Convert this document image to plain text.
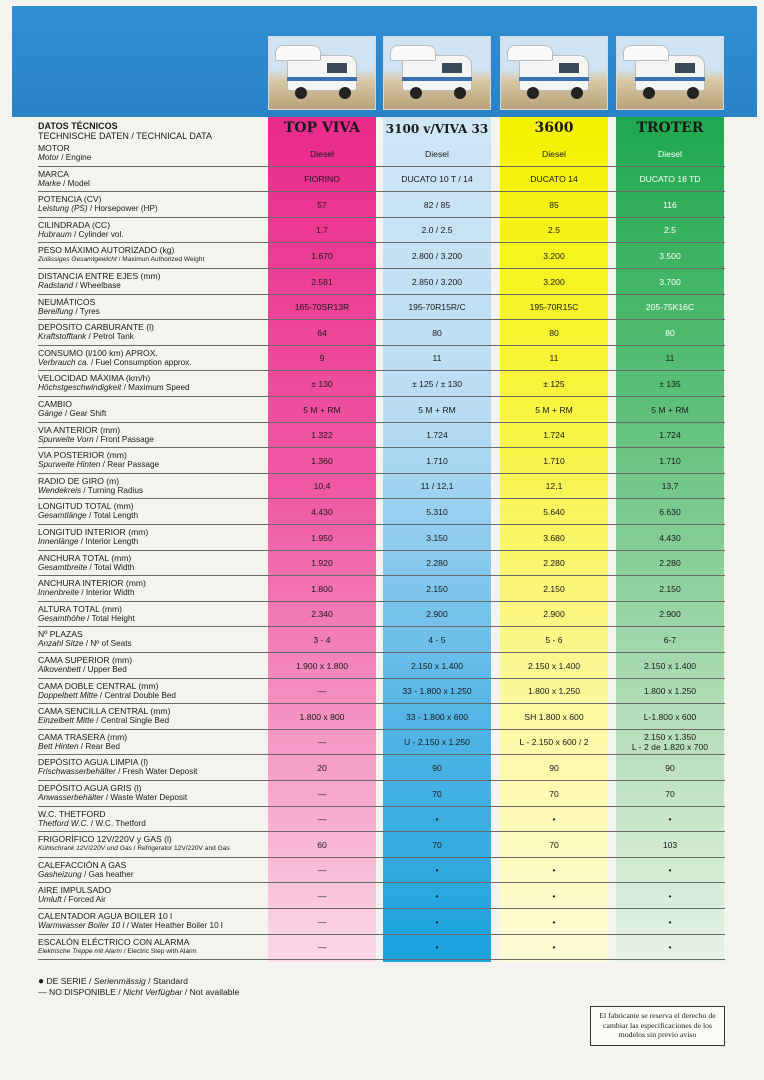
DATOS TÉCNICOS
TECHNISCHE DATEN / TECHNICAL DATA	TOP VIVA	3100 v/VIVA 33	3600	TROTER
MOTOR
Motor / Engine	Diesel	Diesel	Diesel	Diesel
MARCA
Marke / Model	FIORINO	DUCATO 10 T / 14	DUCATO 14	DUCATO 18 TD
POTENCIA (CV)
Leistung (PS) / Horsepower (HP)	57	82 / 85	85	116
CILINDRADA (CC)
Hubraum / Cylinder vol.	1.7	2.0 / 2.5	2.5	2.5
PESO MÁXIMO AUTORIZADO (kg)
Zulässiges Gesamtgewicht / Maximun Authorized Weight	1.670	2.800 / 3.200	3.200	3.500
DISTANCIA ENTRE EJES (mm)
Radstand / Wheelbase	2.581	2.850 / 3.200	3.200	3.700
NEUMÁTICOS
Bereifung / Tyres	165-70SR13R	195-70R15R/C	195-70R15C	205-75K16C
DEPÓSITO CARBURANTE (l)
Kraftstofftank / Petrol Tank	64	80	80	80
CONSUMO (l/100 km) APROX.
Verbrauch ca. / Fuel Consumption approx.	9	11	11	11
VELOCIDAD MÁXIMA (km/h)
Höchstgeschwindigkeit / Maximum Speed	± 130	± 125 / ± 130	± 125	± 135
CAMBIO
Gänge / Gear Shift	5 M + RM	5 M + RM	5 M + RM	5 M + RM
VIA ANTERIOR (mm)
Spurweite Vorn / Front Passage	1.322	1.724	1.724	1.724
VIA POSTERIOR (mm)
Spurweite Hinten / Rear Passage	1.360	1.710	1.710	1.710
RADIO DE GIRO (m)
Wendekreis / Turning Radius	10,4	11 / 12,1	12,1	13,7
LONGITUD TOTAL (mm)
Gesamtlänge / Total Length	4.430	5.310	5.640	6.630
LONGITUD INTERIOR (mm)
Innenlänge / Interior Length	1.950	3.150	3.680	4.430
ANCHURA TOTAL (mm)
Gesamtbreite / Total Width	1.920	2.280	2.280	2.280
ANCHURA INTERIOR (mm)
Innenbreite / Interior Width	1.800	2.150	2.150	2.150
ALTURA TOTAL (mm)
Gesamthöhe / Total Height	2.340	2.900	2.900	2.900
Nº PLAZAS
Anzahl Sitze / Nº of Seats	3 - 4	4 - 5	5 - 6	6-7
CAMA SUPERIOR (mm)
Alkovenbett / Upper Bed	1.900 x 1.800	2.150 x 1.400	2.150 x 1.400	2.150 x 1.400
CAMA DOBLE CENTRAL (mm)
Doppelbett Mitte / Central Double Bed	—	33 - 1.800 x 1.250	1.800 x 1.250	1.800 x 1.250
CAMA SENCILLA CENTRAL (mm)
Einzelbett Mitte / Central Single Bed	1.800 x 800	33 - 1.800 x 600	SH 1.800 x 600	L-1.800 x 600
CAMA TRASERA (mm)
Bett Hinten / Rear Bed	—	U - 2.150 x 1.250	L - 2.150 x 600 / 2	2.150 x 1.350
L - 2 de 1.820 x 700
DEPÓSITO AGUA LIMPIA (l)
Frischwasserbehälter / Fresh Water Deposit	20	90	90	90
DEPÓSITO AGUA GRIS (l)
Anwasserbehälter / Waste Water Deposit	—	70	70	70
W.C. THETFORD
Thetford W.C. / W.C. Thetford	—	•	•	•
FRIGORÍFICO 12V/220V y GAS (l)
Kühlschrank 12V/220V und Gas / Refrigerator 12V/220V and Gas	60	70	70	103
CALEFACCIÓN A GAS
Gasheizung / Gas heather	—	•	•	•
AIRE IMPULSADO
Umluft / Forced Air	—	•	•	•
CALENTADOR AGUA BOILER 10 l
Warmwasser Boiler 10 l / Water Heather Boiler 10 l	—	•	•	•
ESCALÓN ELÉCTRICO CON ALARMA
Elektrische Treppe mit Alarm / Electric Step with Alarm	—	•	•	•
● DE SERIE / Serienmässig / Standard
— NO DISPONIBLE / Nicht Verfügbar / Not available
El fabricante se reserva el derecho de cambiar las especificaciones de los modelos sin previo aviso
